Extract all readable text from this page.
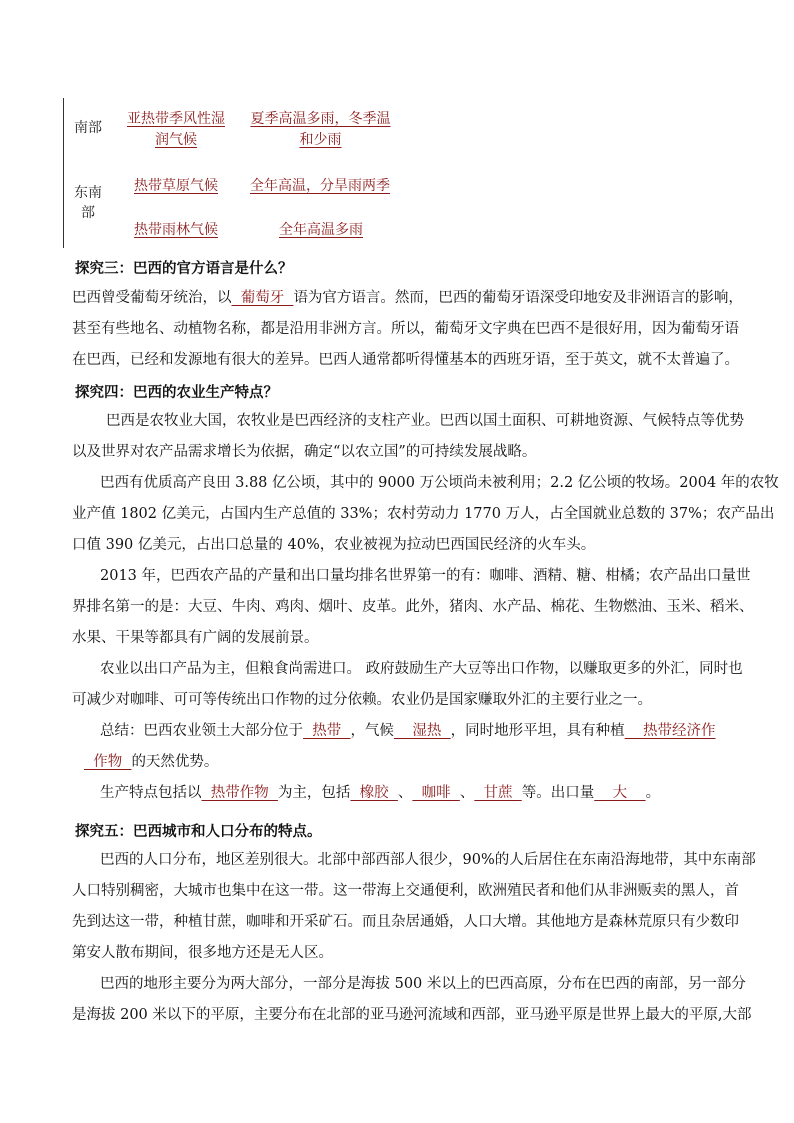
南部
东南
部
亚热带季风性湿
润气候
夏季高温多雨，冬季温
和少雨
热带草原气候 全年高温，分旱雨两季
热带雨林气候	全年高温多雨
探究三：巴西的官方语言是什么？
巴西曾受葡萄牙统治，以  葡萄牙  语为官方语言。然而，巴西的葡萄牙语深受印地安及非洲语言的影响，
甚至有些地名、动植物名称，都是沿用非洲方言。所以，葡萄牙文字典在巴西不是很好用，因为葡萄牙语
在巴西，已经和发源地有很大的差异。巴西人通常都听得懂基本的西班牙语，至于英文，就不太普遍了。
探究四：巴西的农业生产特点？
巴西是农牧业大国，农牧业是巴西经济的支柱产业。巴西以国土面积、可耕地资源、气候特点等优势
以及世界对农产品需求增长为依据，确定“以农立国”的可持续发展战略。
巴西有优质高产良田 3.88 亿公顷，其中的 9000 万公顷尚未被利用；2.2 亿公顷的牧场。2004 年的农牧
业产值 1802 亿美元，占国内生产总值的 33%；农村劳动力 1770 万人，占全国就业总数的 37%；农产品出
口值 390 亿美元，占出口总量的 40%，农业被视为拉动巴西国民经济的火车头。
2013 年，巴西农产品的产量和出口量均排名世界第一的有：咖啡、酒精、糖、柑橘；农产品出口量世
界排名第一的是：大豆、牛肉、鸡肉、烟叶、皮革。此外，猪肉、水产品、棉花、生物燃油、玉米、稻米、
水果、干果等都具有广阔的发展前景。
农业以出口产品为主，但粮食尚需进口。 政府鼓励生产大豆等出口作物，以赚取更多的外汇，同时也
可减少对咖啡、可可等传统出口作物的过分依赖。农业仍是国家赚取外汇的主要行业之一。
总结：巴西农业领土大部分位于  热带  ，气候    湿热  ，同时地形平坦，具有种植    热带经济作
作物  的天然优势。
生产特点包括以  热带作物  为主，包括  橡胶  、  咖啡  、  甘蔗  等。出口量    大    。
探究五：巴西城市和人口分布的特点。
巴西的人口分布，地区差别很大。北部中部西部人很少，90%的人后居住在东南沿海地带，其中东南部
人口特别稠密，大城市也集中在这一带。这一带海上交通便利，欧洲殖民者和他们从非洲贩卖的黑人，首
先到达这一带，种植甘蔗，咖啡和开采矿石。而且杂居通婚，人口大增。其他地方是森林荒原只有少数印
第安人散布期间，很多地方还是无人区。
巴西的地形主要分为两大部分，一部分是海拔 500 米以上的巴西高原，分布在巴西的南部，另一部分
是海拔 200 米以下的平原，主要分布在北部的亚马逊河流域和西部，亚马逊平原是世界上最大的平原,大部
